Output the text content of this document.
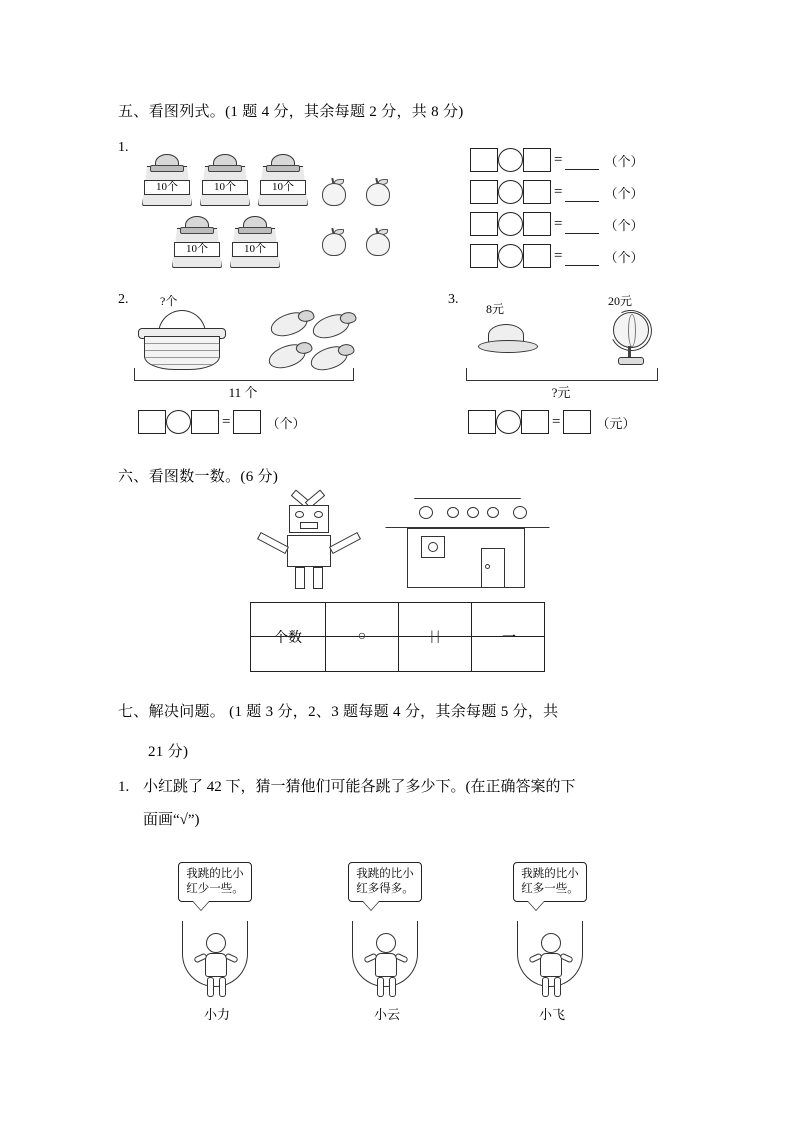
五、看图列式。(1 题 4 分，其余每题 2 分，共 8 分)
1.
10个	10个	10个
10个	10个
=	（个）
=	（个）
=	（个）
=	（个）
2.	?个
11 个
=	（个）
3.
8元
20元
?元
=	（元）
六、看图数一数。(6 分)
个数	○	| |	一
七、解决问题。 (1 题 3 分，2、3 题每题 4 分，其余每题 5 分，共
21 分)
1. 小红跳了 42 下，猜一猜他们可能各跳了多少下。(在正确答案的下
面画“√”)
我跳的比小红少一些。
小力
我跳的比小红多得多。
小云
我跳的比小红多一些。
小飞
